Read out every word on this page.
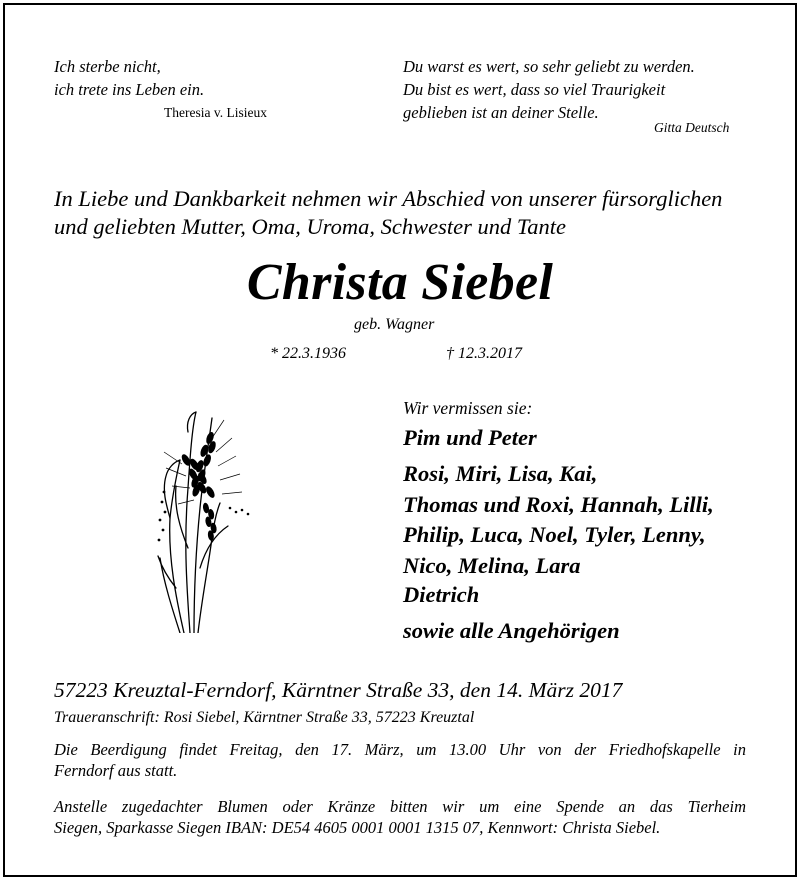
Ich sterbe nicht,
ich trete ins Leben ein.
Theresia v. Lisieux
Du warst es wert, so sehr geliebt zu werden.
Du bist es wert, dass so viel Traurigkeit
geblieben ist an deiner Stelle.
Gitta Deutsch
In Liebe und Dankbarkeit nehmen wir Abschied von unserer fürsorglichen
und geliebten Mutter, Oma, Uroma, Schwester und Tante
Christa Siebel
geb. Wagner
* 22.3.1936	† 12.3.2017
Wir vermissen sie:
Pim und Peter
Rosi, Miri, Lisa, Kai,
Thomas und Roxi, Hannah, Lilli,
Philip, Luca, Noel, Tyler, Lenny,
Nico, Melina, Lara
Dietrich
sowie alle Angehörigen
57223 Kreuztal-Ferndorf, Kärntner Straße 33, den 14. März 2017
Traueranschrift: Rosi Siebel, Kärntner Straße 33, 57223 Kreuztal
Die Beerdigung findet Freitag, den 17. März, um 13.00 Uhr von der Friedhofskapelle in
Ferndorf aus statt.
Anstelle zugedachter Blumen oder Kränze bitten wir um eine Spende an das Tierheim
Siegen, Sparkasse Siegen IBAN: DE54 4605 0001 0001 1315 07, Kennwort: Christa Siebel.
